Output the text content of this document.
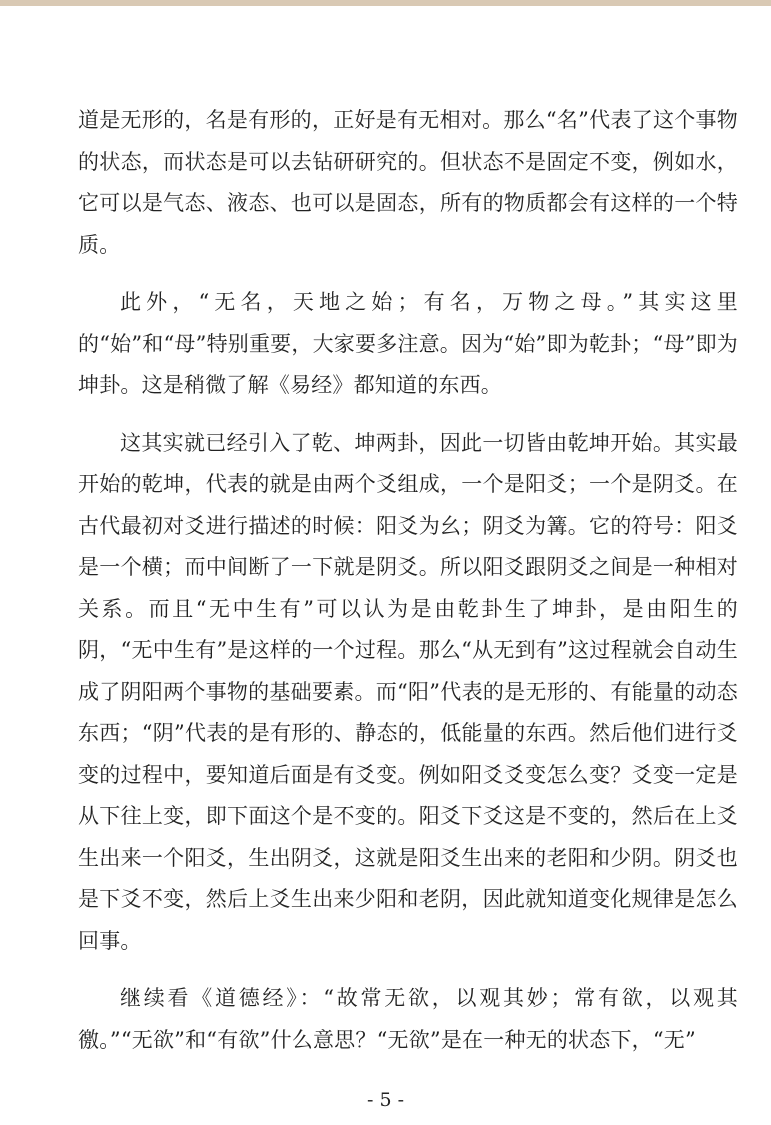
道是无形的，名是有形的，正好是有无相对。那么“名”代表了这个事物的状态，而状态是可以去钻研研究的。但状态不是固定不变，例如水，它可以是气态、液态、也可以是固态，所有的物质都会有这样的一个特质。

此外，“无名，天地之始；有名，万物之母。”其实这里的“始”和“母”特别重要，大家要多注意。因为“始”即为乾卦；“母”即为坤卦。这是稍微了解《易经》都知道的东西。

这其实就已经引入了乾、坤两卦，因此一切皆由乾坤开始。其实最开始的乾坤，代表的就是由两个爻组成，一个是阳爻；一个是阴爻。在古代最初对爻进行描述的时候：阳爻为幺；阴爻为篝。它的符号：阳爻是一个横；而中间断了一下就是阴爻。所以阳爻跟阴爻之间是一种相对关系。而且“无中生有”可以认为是由乾卦生了坤卦，是由阳生的阴，“无中生有”是这样的一个过程。那么“从无到有”这过程就会自动生成了阴阳两个事物的基础要素。而“阳”代表的是无形的、有能量的动态东西；“阴”代表的是有形的、静态的，低能量的东西。然后他们进行爻变的过程中，要知道后面是有爻变。例如阳爻爻变怎么变？爻变一定是从下往上变，即下面这个是不变的。阳爻下爻这是不变的，然后在上爻生出来一个阳爻，生出阴爻，这就是阳爻生出来的老阳和少阴。阴爻也是下爻不变，然后上爻生出来少阳和老阴，因此就知道变化规律是怎么回事。

继续看《道德经》：“故常无欲，以观其妙；常有欲，以观其徼。”“无欲”和“有欲”什么意思？“无欲”是在一种无的状态下，“无”

- 5 -
